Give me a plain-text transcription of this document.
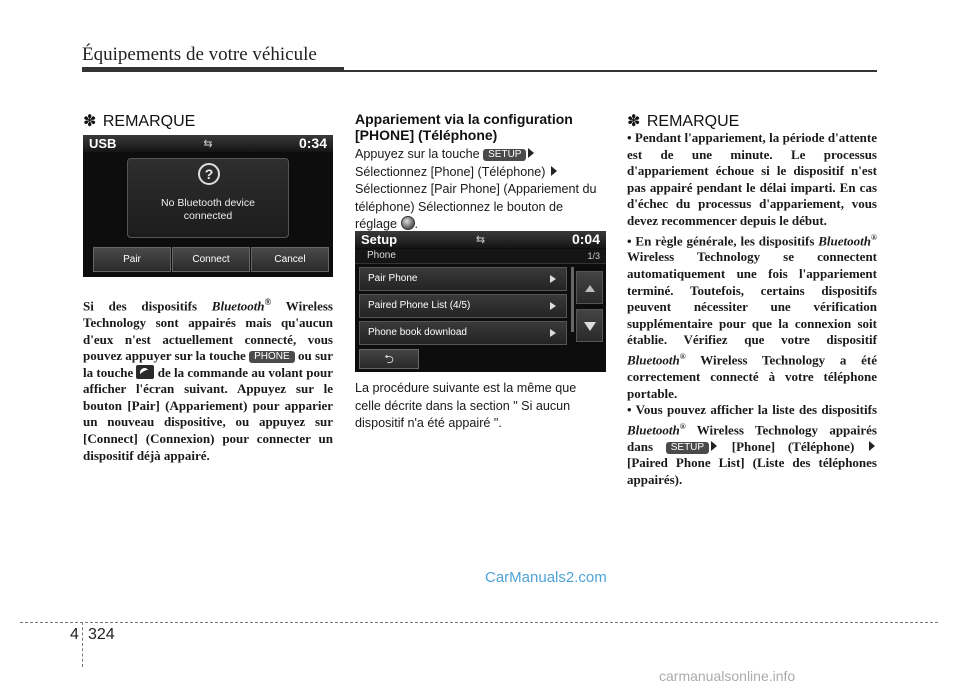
Équipements de votre véhicule
✽ REMARQUE
USB	⇆	0:34
?
No Bluetooth device
connected
Pair	Connect	Cancel
Si des dispositifs Bluetooth® Wireless Technology sont appairés mais qu'aucun d'eux n'est actuellement connecté, vous pouvez appuyer sur la touche PHONE ou sur la touche  de la commande au volant pour afficher l'écran suivant. Appuyez sur le bouton [Pair] (Appariement) pour apparier un nouveau dispositive, ou appuyez sur [Connect] (Connexion) pour connecter un dispositif déjà appairé.
Appariement via la configuration [PHONE] (Téléphone)
Appuyez sur la touche SETUP Sélectionnez [Phone] (Téléphone)  Sélectionnez [Pair Phone] (Appariement du téléphone) Sélectionnez le bouton de réglage .
Setup	⇆	0:04
Phone	1/3
Pair Phone
Paired Phone List (4/5)
Phone book download
⮌
La procédure suivante est la même que celle décrite dans la section " Si aucun dispositif n'a été appairé ".
✽ REMARQUE
• Pendant l'appariement, la période d'attente est de une minute. Le processus d'appariement échoue si le dispositif n'est pas appairé pendant le délai imparti. En cas d'échec du processus d'appariement, vous devez recommencer depuis le début.
• En règle générale, les dispositifs Bluetooth® Wireless Technology se connectent automatiquement une fois l'appariement terminé. Toutefois, certains dispositifs peuvent nécessiter une vérification supplémentaire pour que la connexion soit établie. Vérifiez que votre dispositif Bluetooth® Wireless Technology a été correctement connecté à votre téléphone portable.
• Vous pouvez afficher la liste des dispositifs Bluetooth® Wireless Technology appairés dans SETUP [Phone] (Téléphone)  [Paired Phone List] (Liste des téléphones appairés).
CarManuals2.com
4 324
carmanualsonline.info
